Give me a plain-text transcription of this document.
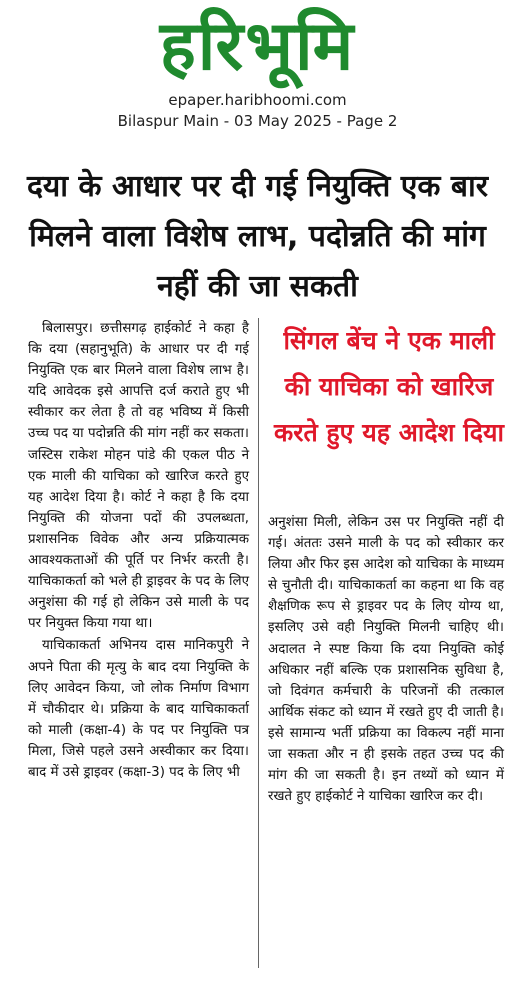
हरिभूमि
epaper.haribhoomi.com
Bilaspur Main - 03 May 2025 - Page 2
दया के आधार पर दी गई नियुक्ति एक बार मिलने वाला विशेष लाभ, पदोन्नति की मांग नहीं की जा सकती

बिलासपुर। छत्तीसगढ़ हाईकोर्ट ने कहा है कि दया (सहानुभूति) के आधार पर दी गई नियुक्ति एक बार मिलने वाला विशेष लाभ है। यदि आवेदक इसे आपत्ति दर्ज कराते हुए भी स्वीकार कर लेता है तो वह भविष्य में किसी उच्च पद या पदोन्नति की मांग नहीं कर सकता। जस्टिस राकेश मोहन पांडे की एकल पीठ ने एक माली की याचिका को खारिज करते हुए यह आदेश दिया है। कोर्ट ने कहा है कि दया नियुक्ति की योजना पदों की उपलब्धता, प्रशासनिक विवेक और अन्य प्रक्रियात्मक आवश्यकताओं की पूर्ति पर निर्भर करती है। याचिकाकर्ता को भले ही ड्राइवर के पद के लिए अनुशंसा की गई हो लेकिन उसे माली के पद पर नियुक्त किया गया था।

याचिकाकर्ता अभिनय दास मानिकपुरी ने अपने पिता की मृत्यु के बाद दया नियुक्ति के लिए आवेदन किया, जो लोक निर्माण विभाग में चौकीदार थे। प्रक्रिया के बाद याचिकाकर्ता को माली (कक्षा-4) के पद पर नियुक्ति पत्र मिला, जिसे पहले उसने अस्वीकार कर दिया। बाद में उसे ड्राइवर (कक्षा-3) पद के लिए भी

सिंगल बेंच ने एक माली की याचिका को खारिज करते हुए यह आदेश दिया

अनुशंसा मिली, लेकिन उस पर नियुक्ति नहीं दी गई। अंततः उसने माली के पद को स्वीकार कर लिया और फिर इस आदेश को याचिका के माध्यम से चुनौती दी। याचिकाकर्ता का कहना था कि वह शैक्षणिक रूप से ड्राइवर पद के लिए योग्य था, इसलिए उसे वही नियुक्ति मिलनी चाहिए थी। अदालत ने स्पष्ट किया कि दया नियुक्ति कोई अधिकार नहीं बल्कि एक प्रशासनिक सुविधा है, जो दिवंगत कर्मचारी के परिजनों की तत्काल आर्थिक संकट को ध्यान में रखते हुए दी जाती है। इसे सामान्य भर्ती प्रक्रिया का विकल्प नहीं माना जा सकता और न ही इसके तहत उच्च पद की मांग की जा सकती है। इन तथ्यों को ध्यान में रखते हुए हाईकोर्ट ने याचिका खारिज कर दी।
